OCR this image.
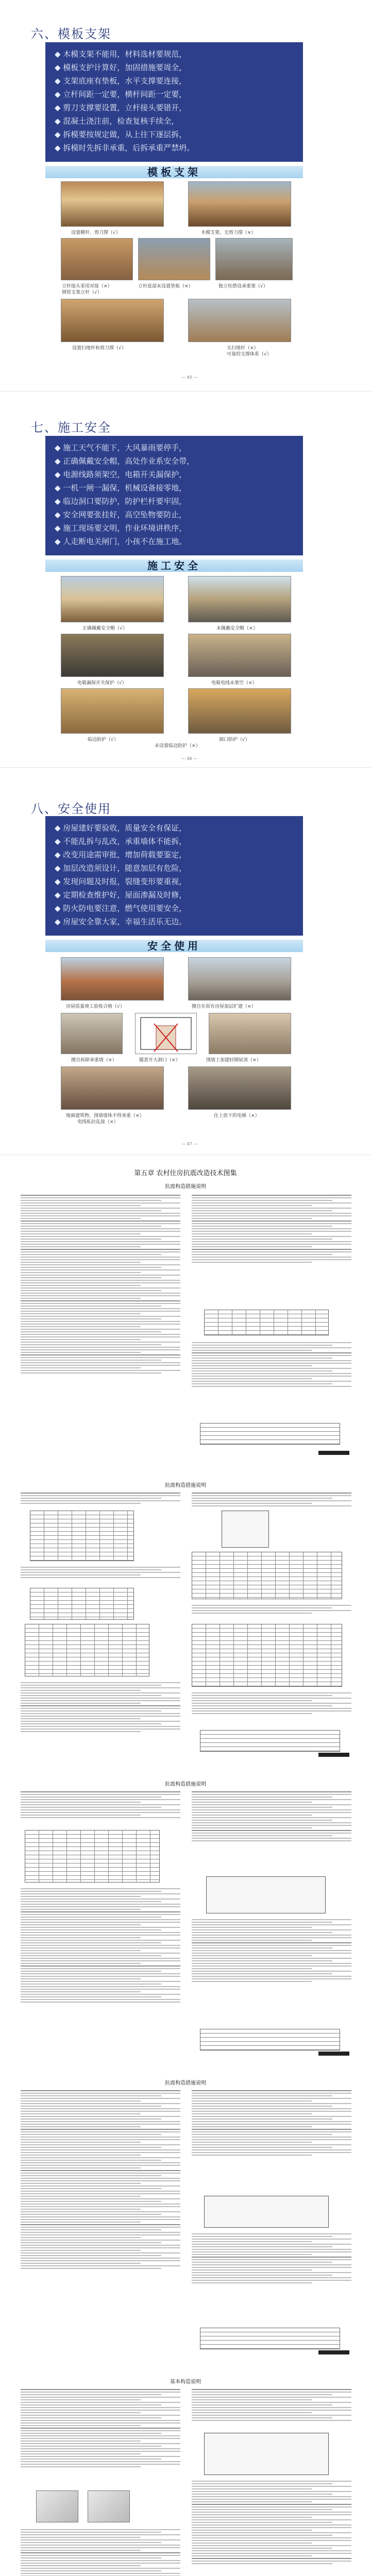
六、模板支架
◆ 木模支架不能用，材料选材要规范，
◆ 模板支护计算好，加固措施要周全，
◆ 支架底座有垫板，水平支撑要连接，
◆ 立杆间距一定要，横杆间距一定要，
◆ 剪刀支撑要设置，立杆接头要错开，
◆ 混凝土浇注前，检查复核手续全，
◆ 拆模要按规定做，从上往下逐层拆，
◆ 拆模时先拆非承重，后拆承重严禁坍。
模板支架
设置横杆、剪刀撑（√）	木模支架、无剪刀撑（×）
立杆接头采用对接（×）	立杆底部未设置垫板（×）	独立柱搭设承重架（√）
钢管支架立杆（√）
设置扫地杆和剪刀撑（√）	无扫地杆（×）
可靠的支撑体系（√）
— 45 —
七、施工安全
◆ 施工天气不能下，大风暴雨要停手，
◆ 正确佩戴安全帽，高处作业系安全带，
◆ 电源线路须架空，电箱开关漏保护，
◆ 一机一闸一漏保，机械设备接零地，
◆ 临边洞口要防护，防护栏杆要牢固，
◆ 安全网要张挂好，高空坠物要防止，
◆ 施工现场要文明，作业环境讲秩序，
◆ 人走断电关闸门，小孩不在施工地。
施工安全
正确佩戴安全帽（√）	未佩戴安全帽（×）
电箱漏保开关保护（√）	电箱电线未架空（×）
临边防护（√）	洞口防护（√）
未设置临边防护（×）
— 46 —
八、安全使用
◆ 房屋建好要验收，质量安全有保证，
◆ 不能乱拆与乱改，承重墙体不能拆，
◆ 改变用途需审批，增加荷载要鉴定，
◆ 加层改造须设计，随意加层有危险，
◆ 发现问题及时报，裂缝变形要重视，
◆ 定期检查维护好，屋面渗漏及时修，
◆ 防火防电要注意，燃气使用要安全，
◆ 房屋安全靠大家，幸福生活乐无边。
安全使用
房屋质量竣工验收合格（√）	擅自在原有房屋加层扩建（×）
擅自拆除承重墙（×）	随意开大洞口（×）	围墙上加建轻钢屋顶（×）
地面建筑物、围墙墙体不得承重（×）
电线私拉乱接（×）
住上放下的电梯（×）
— 47 —
第五章 农村住房抗震改造技术图集
抗震构造措施说明
抗震构造措施说明
抗震构造措施说明
抗震构造措施说明
基本构造说明
